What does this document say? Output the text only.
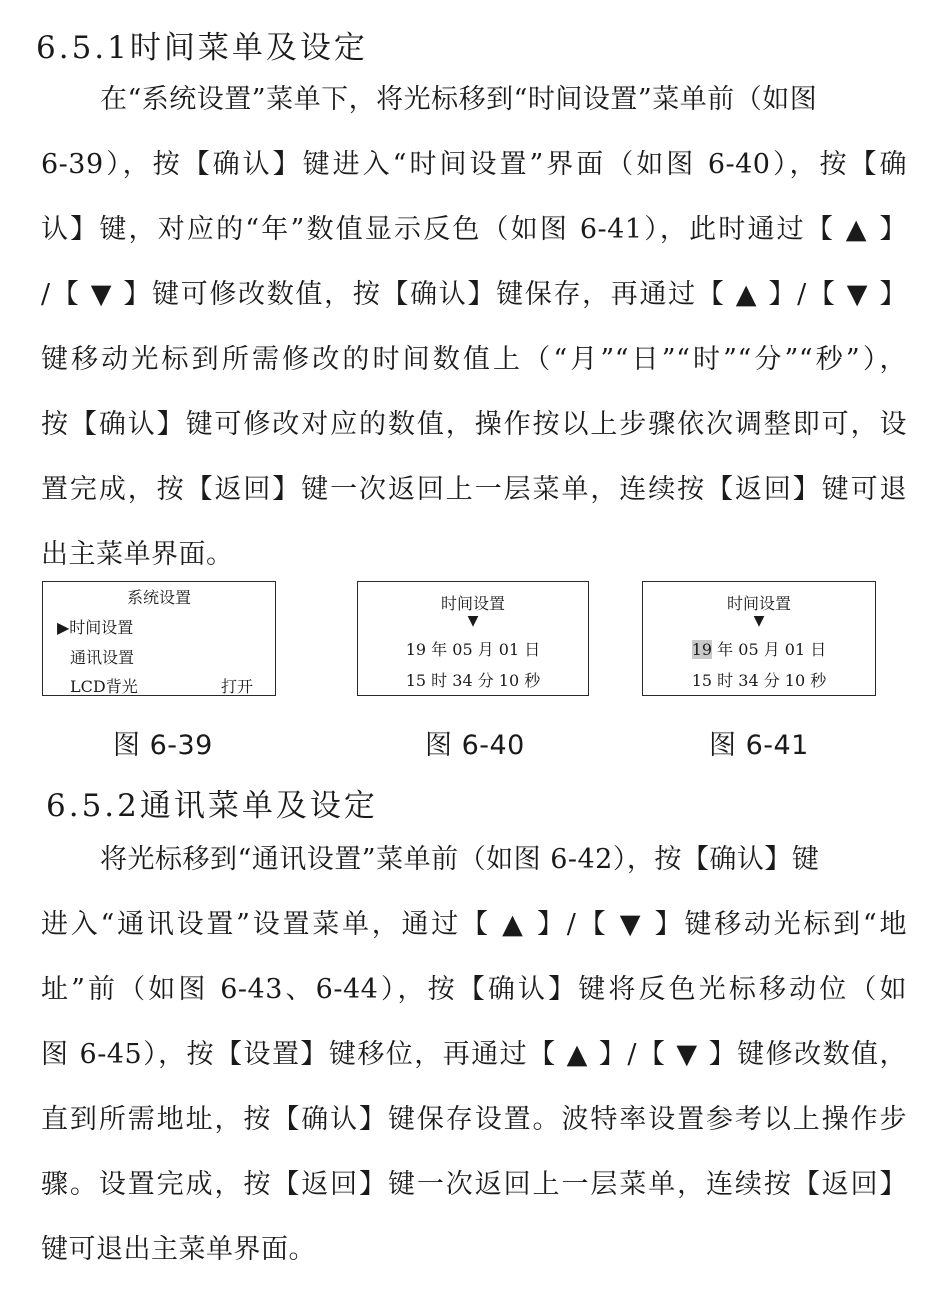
6.5.1时间菜单及设定

在“系统设置”菜单下，将光标移到“时间设置”菜单前（如图

6-39），按【确认】键进入“时间设置”界面（如图 6-40），按【确

认】键，对应的“年”数值显示反色（如图 6-41），此时通过【 ▲ 】

/【 ▼ 】键可修改数值，按【确认】键保存，再通过【 ▲ 】/【 ▼ 】

键移动光标到所需修改的时间数值上（“月”“日”“时”“分”“秒”），

按【确认】键可修改对应的数值，操作按以上步骤依次调整即可，设

置完成，按【返回】键一次返回上一层菜单，连续按【返回】键可退

出主菜单界面。

系统设置
▶时间设置
通讯设置
LCD背光	打开
图 6-39
时间设置
▼
19 年 05 月 01 日
15 时 34 分 10 秒
图 6-40
时间设置
▼
19 年 05 月 01 日
15 时 34 分 10 秒
图 6-41
6.5.2通讯菜单及设定

将光标移到“通讯设置”菜单前（如图 6-42），按【确认】键

进入“通讯设置”设置菜单，通过【 ▲ 】/【 ▼ 】键移动光标到“地

址”前（如图 6-43、6-44），按【确认】键将反色光标移动位（如

图 6-45），按【设置】键移位，再通过【 ▲ 】/【 ▼ 】键修改数值，

直到所需地址，按【确认】键保存设置。波特率设置参考以上操作步

骤。设置完成，按【返回】键一次返回上一层菜单，连续按【返回】

键可退出主菜单界面。
